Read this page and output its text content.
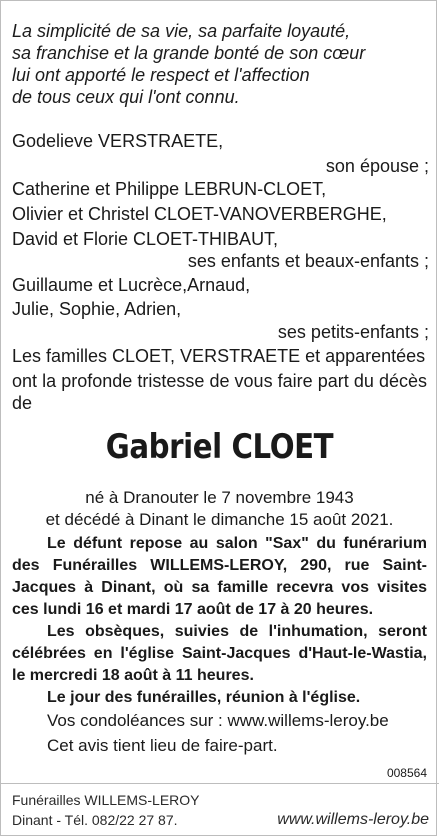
La simplicité de sa vie, sa parfaite loyauté,
sa franchise et la grande bonté de son cœur
lui ont apporté le respect et l'affection
de tous ceux qui l'ont connu.
Godelieve VERSTRAETE,
son épouse ;
Catherine et Philippe LEBRUN-CLOET,
Olivier et Christel CLOET-VANOVERBERGHE,
David et Florie CLOET-THIBAUT,
ses enfants et beaux-enfants ;
Guillaume et Lucrèce,Arnaud,
Julie, Sophie, Adrien,
ses petits-enfants ;
Les familles CLOET, VERSTRAETE et apparentées
ont la profonde tristesse de vous faire part du décès de
Gabriel CLOET
né à Dranouter le 7 novembre 1943
et décédé à Dinant le dimanche 15 août 2021.
Le défunt repose au salon "Sax" du funérarium des Funérailles WILLEMS-LEROY, 290, rue Saint-Jacques à Dinant, où sa famille recevra vos visites ces lundi 16 et mardi 17 août de 17 à 20 heures.
Les obsèques, suivies de l'inhumation, seront célébrées en l'église Saint-Jacques d'Haut-le-Wastia, le mercredi 18 août à 11 heures.
Le jour des funérailles, réunion à l'église.
Vos condoléances sur : www.willems-leroy.be
Cet avis tient lieu de faire-part.
008564
Funérailles WILLEMS-LEROY
Dinant - Tél. 082/22 27 87.	www.willems-leroy.be
